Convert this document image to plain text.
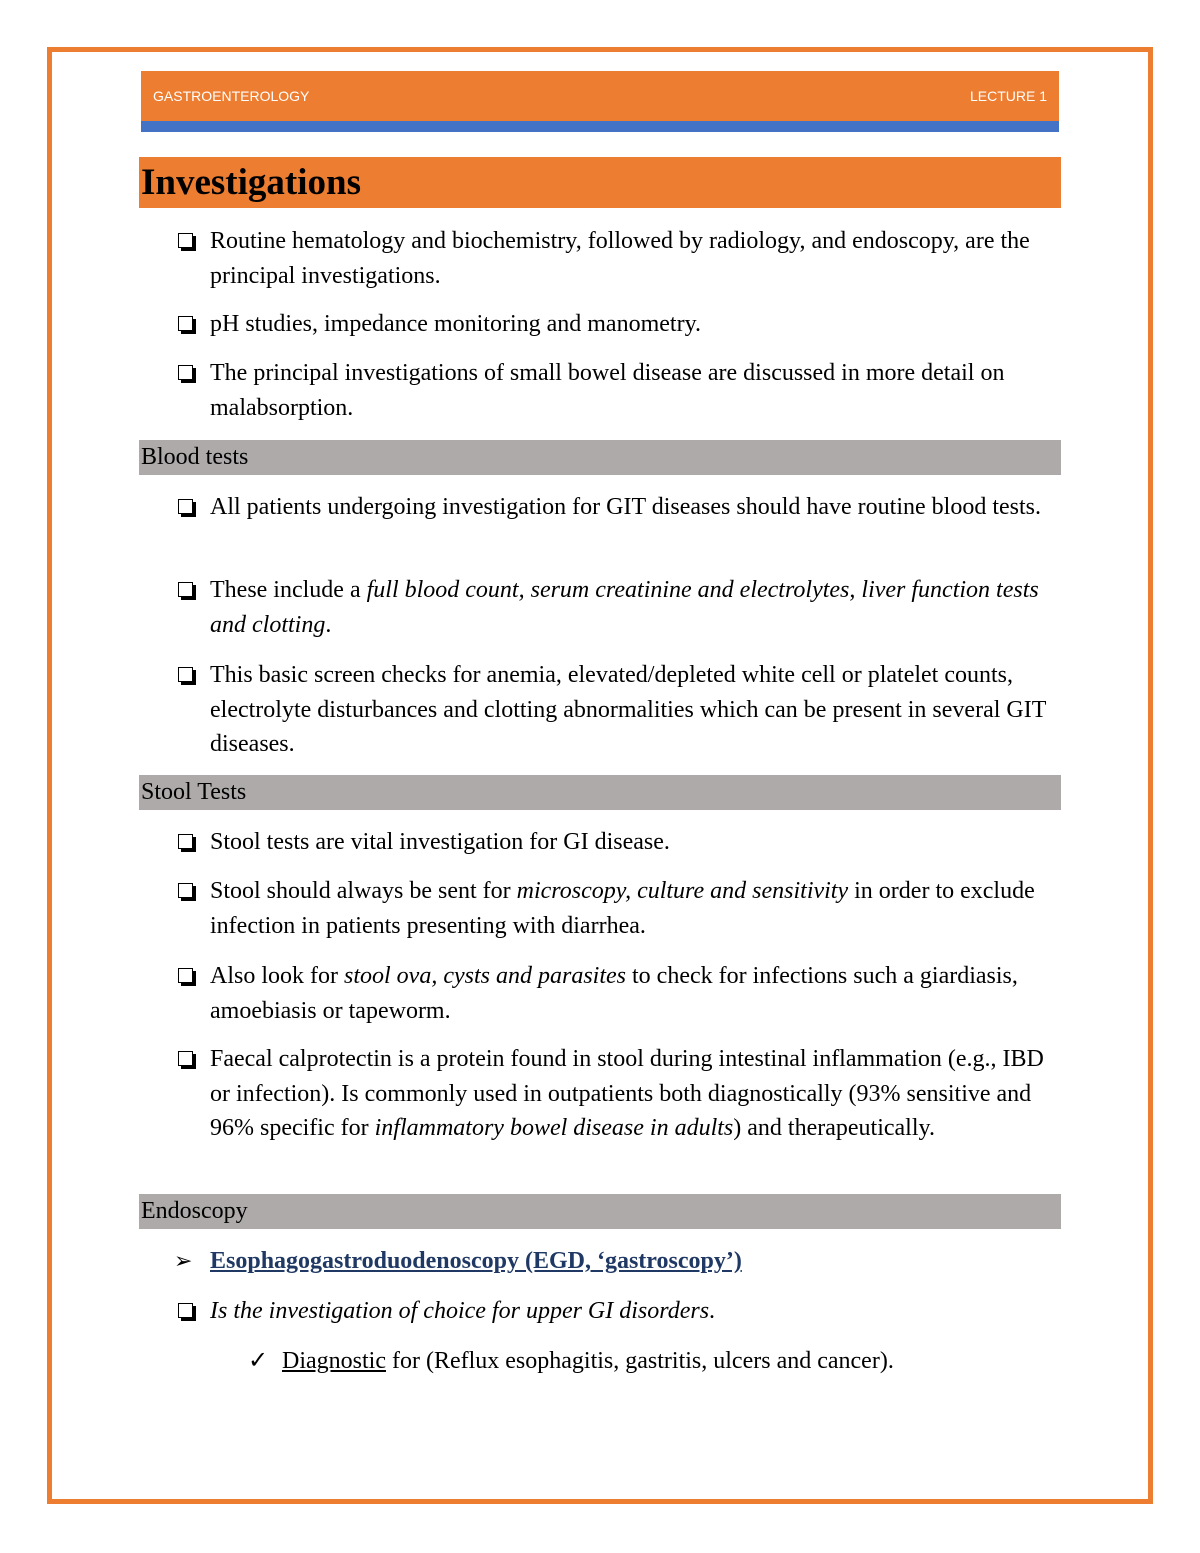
GASTROENTEROLOGY	LECTURE 1
Investigations
Routine hematology and biochemistry, followed by radiology, and endoscopy, are the principal investigations.
pH studies, impedance monitoring and manometry.
The principal investigations of small bowel disease are discussed in more detail on malabsorption.
Blood tests
All patients undergoing investigation for GIT diseases should have routine blood tests.
These include a full blood count, serum creatinine and electrolytes, liver function tests and clotting.
This basic screen checks for anemia, elevated/depleted white cell or platelet counts, electrolyte disturbances and clotting abnormalities which can be present in several GIT diseases.
Stool Tests
Stool tests are vital investigation for GI disease.
Stool should always be sent for microscopy, culture and sensitivity in order to exclude infection in patients presenting with diarrhea.
Also look for stool ova, cysts and parasites to check for infections such a giardiasis, amoebiasis or tapeworm.
Faecal calprotectin is a protein found in stool during intestinal inflammation (e.g., IBD or infection). Is commonly used in outpatients both diagnostically (93% sensitive and 96% specific for inflammatory bowel disease in adults) and therapeutically.
Endoscopy
➢ Esophagogastroduodenoscopy (EGD, ‘gastroscopy’)
Is the investigation of choice for upper GI disorders.
✓ Diagnostic for (Reflux esophagitis, gastritis, ulcers and cancer).
